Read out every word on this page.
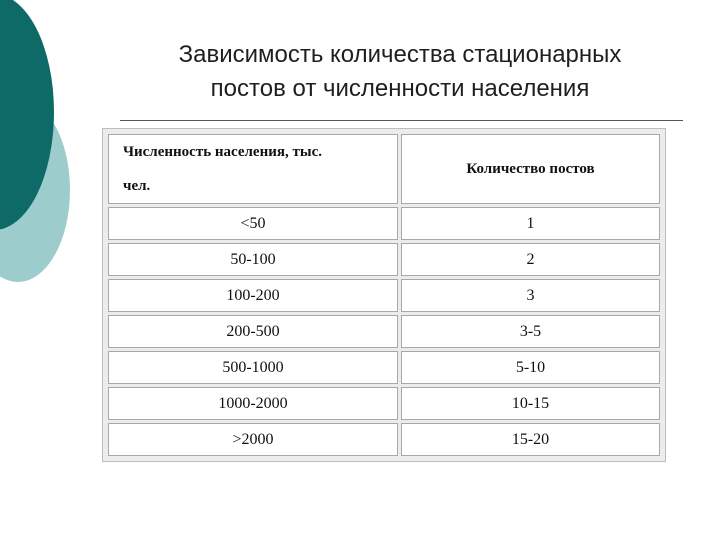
Зависимость количества стационарных
постов от численности населения
Численность населения, тыс.
чел.	Количество постов
<50	1
50-100	2
100-200	3
200-500	3-5
500-1000	5-10
1000-2000	10-15
>2000	15-20
